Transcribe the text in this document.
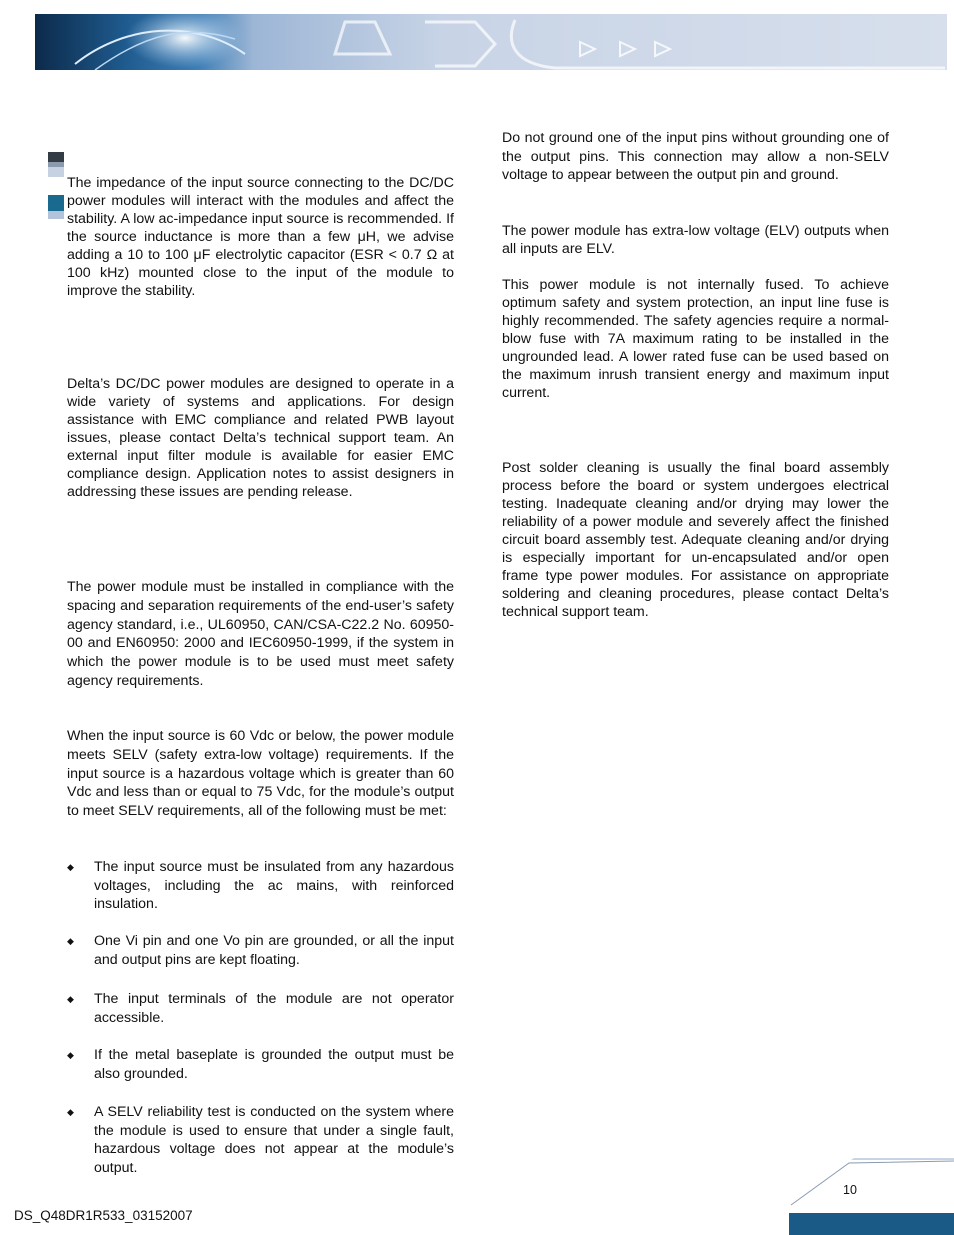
The impedance of the input source connecting to the DC/DC power modules will interact with the modules and affect the stability. A low ac-impedance input source is recommended. If the source inductance is more than a few μH, we advise adding a 10 to 100 μF electrolytic capacitor (ESR < 0.7 Ω at 100 kHz) mounted close to the input of the module to improve the stability.

Delta’s DC/DC power modules are designed to operate in a wide variety of systems and applications. For design assistance with EMC compliance and related PWB layout issues, please contact Delta’s technical support team. An external input filter module is available for easier EMC compliance design. Application notes to assist designers in addressing these issues are pending release.

The power module must be installed in compliance with the spacing and separation requirements of the end-user’s safety agency standard, i.e., UL60950, CAN/CSA-C22.2 No. 60950-00 and EN60950: 2000 and IEC60950-1999, if the system in which the power module is to be used must meet safety agency requirements.

When the input source is 60 Vdc or below, the power module meets SELV (safety extra-low voltage) requirements. If the input source is a hazardous voltage which is greater than 60 Vdc and less than or equal to 75 Vdc, for the module’s output to meet SELV requirements, all of the following must be met:

◆ The input source must be insulated from any hazardous voltages, including the ac mains, with reinforced insulation.
◆ One Vi pin and one Vo pin are grounded, or all the input and output pins are kept floating.
◆ The input terminals of the module are not operator accessible.
◆ If the metal baseplate is grounded the output must be also grounded.
◆ A SELV reliability test is conducted on the system where the module is used to ensure that under a single fault, hazardous voltage does not appear at the module’s output.

Do not ground one of the input pins without grounding one of the output pins. This connection may allow a non-SELV voltage to appear between the output pin and ground.

The power module has extra-low voltage (ELV) outputs when all inputs are ELV.

This power module is not internally fused. To achieve optimum safety and system protection, an input line fuse is highly recommended. The safety agencies require a normal-blow fuse with 7A maximum rating to be installed in the ungrounded lead. A lower rated fuse can be used based on the maximum inrush transient energy and maximum input current.

Post solder cleaning is usually the final board assembly process before the board or system undergoes electrical testing. Inadequate cleaning and/or drying may lower the reliability of a power module and severely affect the finished circuit board assembly test. Adequate cleaning and/or drying is especially important for un-encapsulated and/or open frame type power modules. For assistance on appropriate soldering and cleaning procedures, please contact Delta’s technical support team.

DS_Q48DR1R533_03152007
10
